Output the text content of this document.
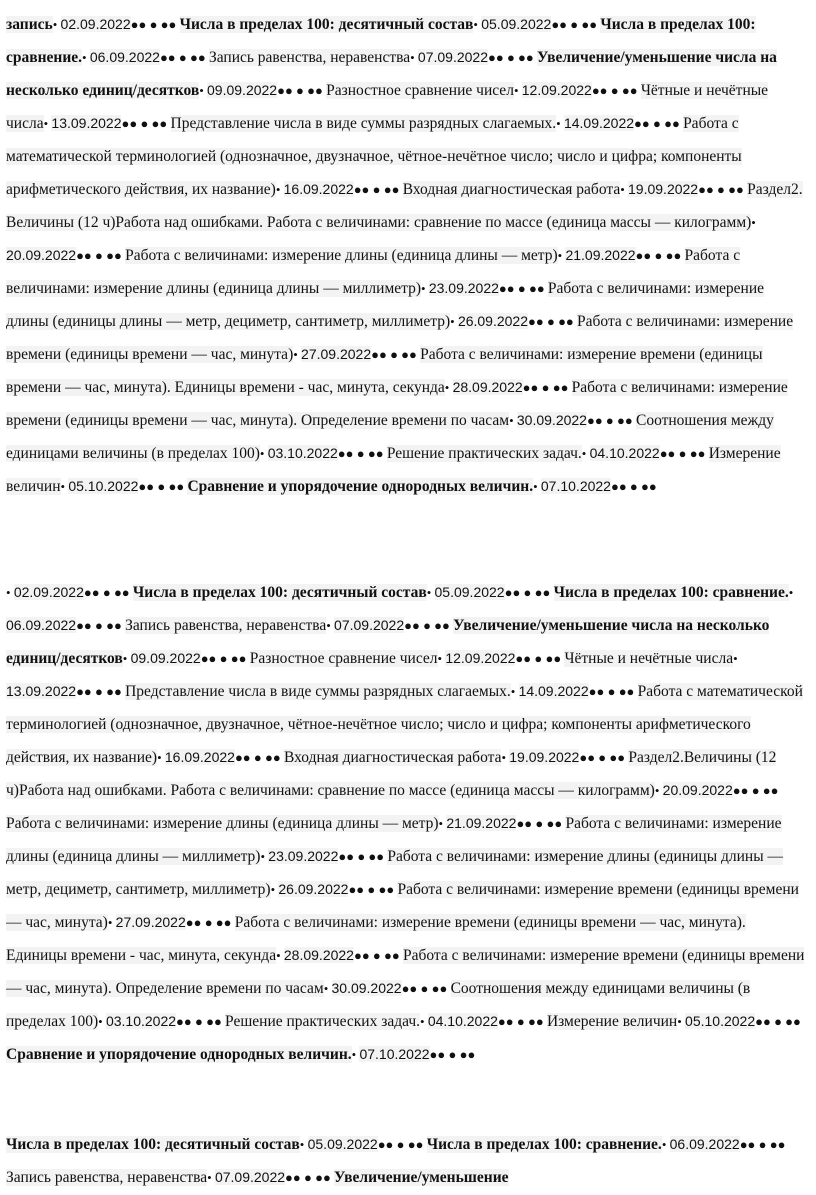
запись• 02.09.2022●● ● ●● Числа в пределах 100: десятичный состав• 05.09.2022●● ● ●● Числа в пределах 100: сравнение.• 06.09.2022●● ● ●● Запись равенства, неравенства• 07.09.2022●● ● ●● Увеличение/уменьшение числа на несколько единиц/десятков• 09.09.2022●● ● ●● Разностное сравнение чисел• 12.09.2022●● ● ●● Чётные и нечётные числа• 13.09.2022●● ● ●● Представление числа в виде суммы разрядных слагаемых.• 14.09.2022●● ● ●● Работа с математической терминологией (однозначное, двузначное, чётное-нечётное число; число и цифра; компоненты арифметического действия, их название)• 16.09.2022●● ● ●● Входная диагностическая работа• 19.09.2022●● ● ●● Раздел2. Величины (12 ч)Работа над ошибками. Работа с величинами: сравнение по массе (единица массы — килограмм)• 20.09.2022●● ● ●● Работа с величинами: измерение длины (единица длины — метр)• 21.09.2022●● ● ●● Работа с величинами: измерение длины (единица длины — миллиметр)• 23.09.2022●● ● ●● Работа с величинами: измерение длины (единицы длины — метр, дециметр, сантиметр, миллиметр)• 26.09.2022●● ● ●● Работа с величинами: измерение времени (единицы времени — час, минута)• 27.09.2022●● ● ●● Работа с величинами: измерение времени (единицы времени — час, минута). Единицы времени - час, минута, секунда• 28.09.2022●● ● ●● Работа с величинами: измерение времени (единицы времени — час, минута). Определение времени по часам• 30.09.2022●● ● ●● Соотношения между единицами величины (в пределах 100)• 03.10.2022●● ● ●● Решение практических задач.• 04.10.2022●● ● ●● Измерение величин• 05.10.2022●● ● ●● Сравнение и упорядочение однородных величин.• 07.10.2022●● ● ●●
• 02.09.2022●● ● ●● Числа в пределах 100: десятичный состав• 05.09.2022●● ● ●● Числа в пределах 100: сравнение.• 06.09.2022●● ● ●● Запись равенства, неравенства• 07.09.2022●● ● ●● Увеличение/уменьшение числа на несколько единиц/десятков• 09.09.2022●● ● ●● Разностное сравнение чисел• 12.09.2022●● ● ●● Чётные и нечётные числа• 13.09.2022●● ● ●● Представление числа в виде суммы разрядных слагаемых.• 14.09.2022●● ● ●● Работа с математической терминологией (однозначное, двузначное, чётное-нечётное число; число и цифра; компоненты арифметического действия, их название)• 16.09.2022●● ● ●● Входная диагностическая работа• 19.09.2022●● ● ●● Раздел2.Величины (12 ч)Работа над ошибками. Работа с величинами: сравнение по массе (единица массы — килограмм)• 20.09.2022●● ● ●● Работа с величинами: измерение длины (единица длины — метр)• 21.09.2022●● ● ●● Работа с величинами: измерение длины (единица длины — миллиметр)• 23.09.2022●● ● ●● Работа с величинами: измерение длины (единицы длины — метр, дециметр, сантиметр, миллиметр)• 26.09.2022●● ● ●● Работа с величинами: измерение времени (единицы времени — час, минута)• 27.09.2022●● ● ●● Работа с величинами: измерение времени (единицы времени — час, минута). Единицы времени - час, минута, секунда• 28.09.2022●● ● ●● Работа с величинами: измерение времени (единицы времени — час, минута). Определение времени по часам• 30.09.2022●● ● ●● Соотношения между единицами величины (в пределах 100)• 03.10.2022●● ● ●● Решение практических задач.• 04.10.2022●● ● ●● Измерение величин• 05.10.2022●● ● ●● Сравнение и упорядочение однородных величин.• 07.10.2022●● ● ●●
Числа в пределах 100: десятичный состав• 05.09.2022●● ● ●● Числа в пределах 100: сравнение.• 06.09.2022●● ● ●● Запись равенства, неравенства• 07.09.2022●● ● ●● Увеличение/уменьшение
